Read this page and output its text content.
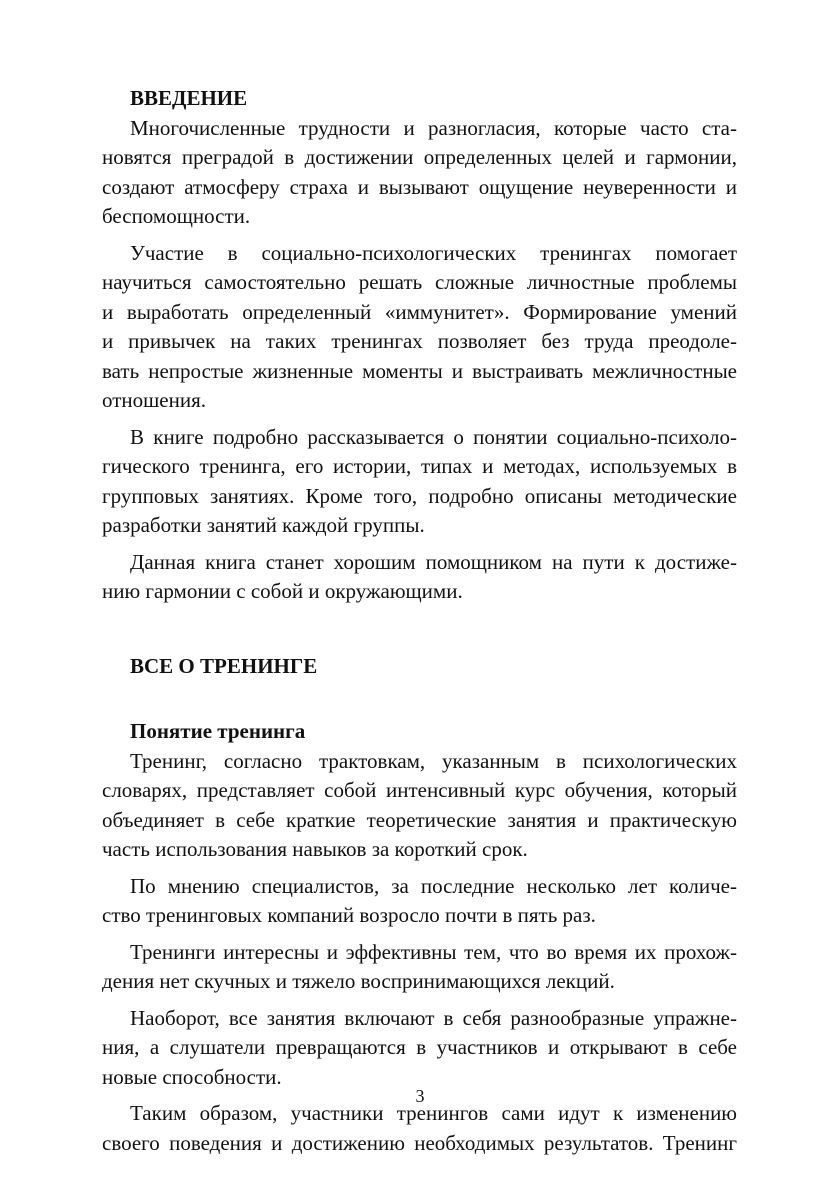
ВВЕДЕНИЕ
Многочисленные трудности и разногласия, которые часто ста-
новятся преградой в достижении определенных целей и гармонии,
создают атмосферу страха и вызывают ощущение неуверенности и
беспомощности.
Участие в социально-психологических тренингах помогает
научиться самостоятельно решать сложные личностные проблемы
и выработать определенный «иммунитет». Формирование умений
и привычек на таких тренингах позволяет без труда преодоле-
вать непростые жизненные моменты и выстраивать межличностные
отношения.
В книге подробно рассказывается о понятии социально-психоло-
гического тренинга, его истории, типах и методах, используемых в
групповых занятиях. Кроме того, подробно описаны методические
разработки занятий каждой группы.
Данная книга станет хорошим помощником на пути к достиже-
нию гармонии с собой и окружающими.
ВСЕ О ТРЕНИНГЕ
Понятие тренинга
Тренинг, согласно трактовкам, указанным в психологических
словарях, представляет собой интенсивный курс обучения, который
объединяет в себе краткие теоретические занятия и практическую
часть использования навыков за короткий срок.
По мнению специалистов, за последние несколько лет количе-
ство тренинговых компаний возросло почти в пять раз.
Тренинги интересны и эффективны тем, что во время их прохож-
дения нет скучных и тяжело воспринимающихся лекций.
Наоборот, все занятия включают в себя разнообразные упражне-
ния, а слушатели превращаются в участников и открывают в себе
новые способности.
Таким образом, участники тренингов сами идут к изменению
своего поведения и достижению необходимых результатов. Тренинг
3
